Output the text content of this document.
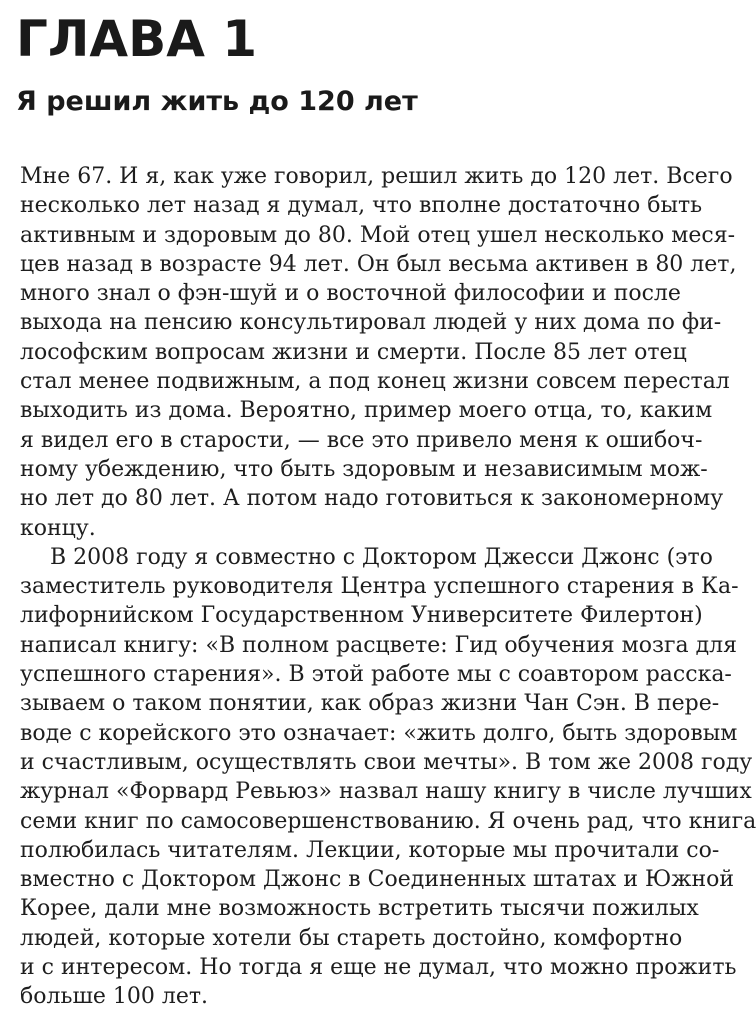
ГЛАВА 1
Я решил жить до 120 лет
Мне 67. И я, как уже говорил, решил жить до 120 лет. Всего
несколько лет назад я думал, что вполне достаточно быть
активным и здоровым до 80. Мой отец ушел несколько меся-
цев назад в возрасте 94 лет. Он был весьма активен в 80 лет,
много знал о фэн-шуй и о восточной философии и после
выхода на пенсию консультировал людей у них дома по фи-
лософским вопросам жизни и смерти. После 85 лет отец
стал менее подвижным, а под конец жизни совсем перестал
выходить из дома. Вероятно, пример моего отца, то, каким
я видел его в старости, — все это привело меня к ошибоч-
ному убеждению, что быть здоровым и независимым мож-
но лет до 80 лет. А потом надо готовиться к закономерному
концу.
В 2008 году я совместно с Доктором Джесси Джонс (это
заместитель руководителя Центра успешного старения в Ка-
лифорнийском Государственном Университете Филертон)
написал книгу: «В полном расцвете: Гид обучения мозга для
успешного старения». В этой работе мы с соавтором расска-
зываем о таком понятии, как образ жизни Чан Сэн. В пере-
воде с корейского это означает: «жить долго, быть здоровым
и счастливым, осуществлять свои мечты». В том же 2008 году
журнал «Форвард Ревьюз» назвал нашу книгу в числе лучших
семи книг по самосовершенствованию. Я очень рад, что книга
полюбилась читателям. Лекции, которые мы прочитали со-
вместно с Доктором Джонс в Соединенных штатах и Южной
Корее, дали мне возможность встретить тысячи пожилых
людей, которые хотели бы стареть достойно, комфортно
и с интересом. Но тогда я еще не думал, что можно прожить
больше 100 лет.
